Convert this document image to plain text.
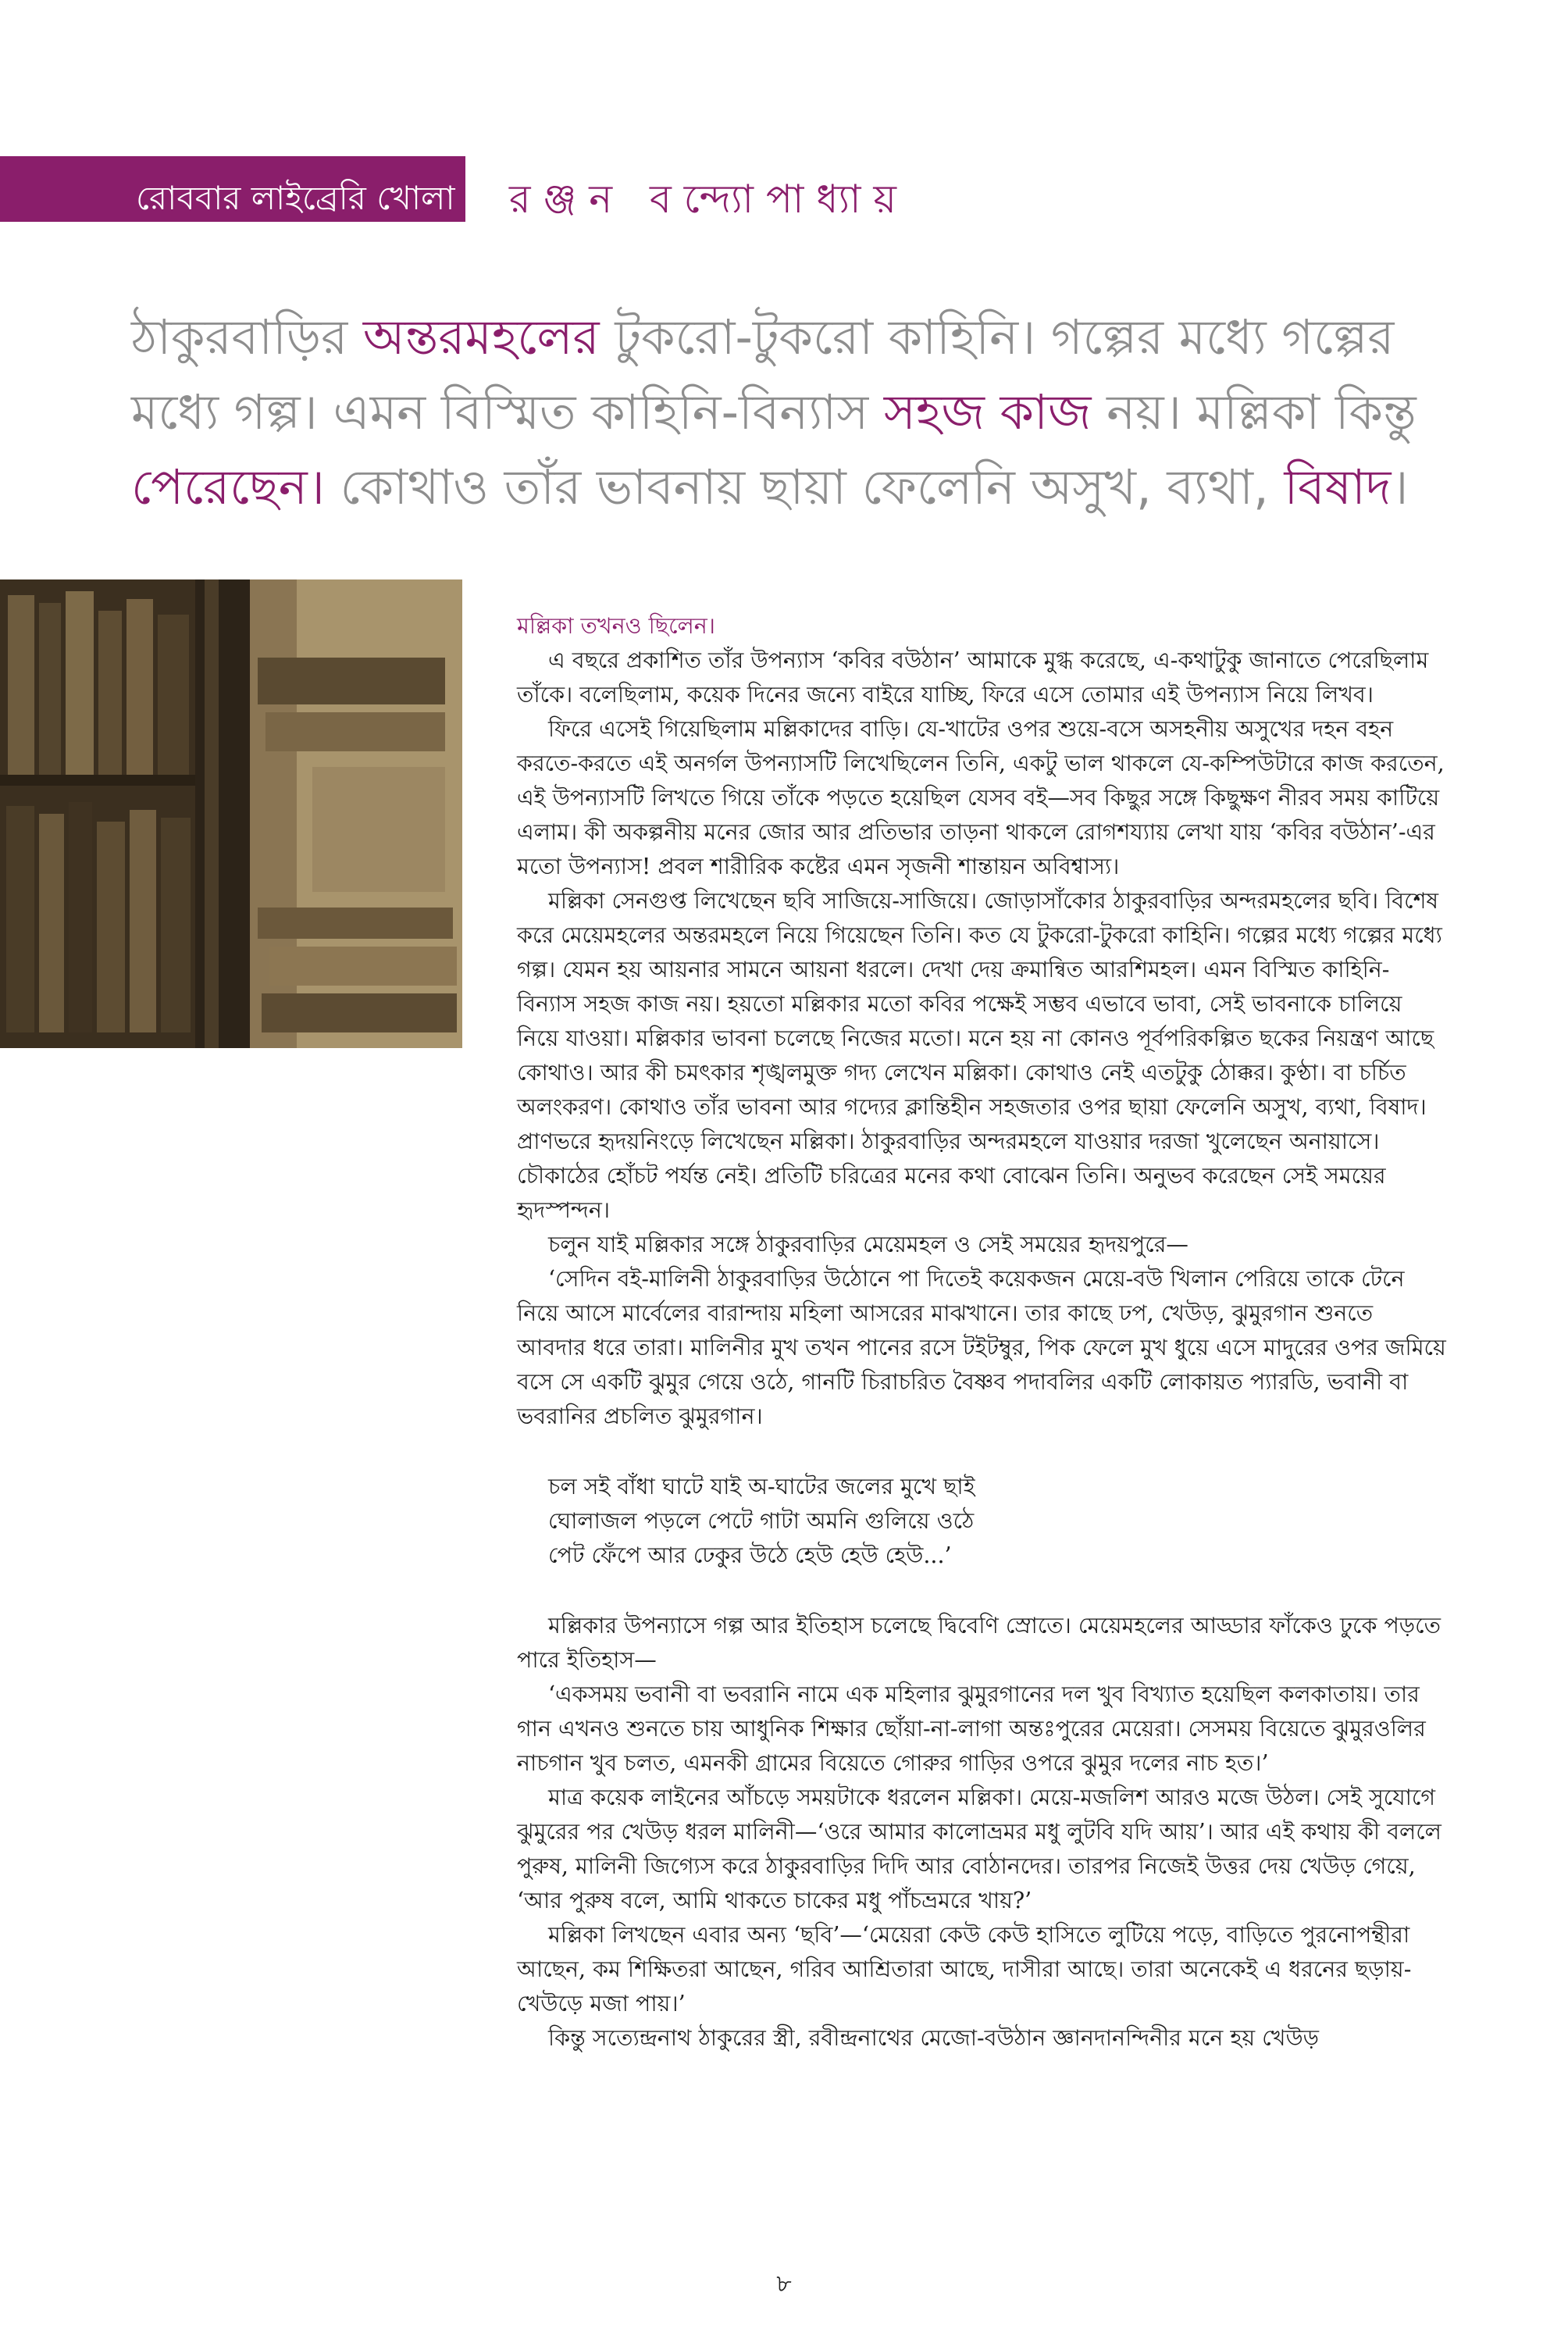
রোববার লাইব্রেরি খোলা রঞ্জন বন্দ্যোপাধ্যায়
ঠাকুরবাড়ির অন্তরমহলের টুকরো-টুকরো কাহিনি। গল্পের মধ্যে গল্পের মধ্যে গল্প। এমন বিস্মিত কাহিনি-বিন্যাস সহজ কাজ নয়। মল্লিকা কিন্তু পেরেছেন। কোথাও তাঁর ভাবনায় ছায়া ফেলেনি অসুখ, ব্যথা, বিষাদ।

মল্লিকা তখনও ছিলেন।

এ বছরে প্রকাশিত তাঁর উপন্যাস ‘কবির বউঠান’ আমাকে মুগ্ধ করেছে, এ-কথাটুকু জানাতে পেরেছিলাম তাঁকে। বলেছিলাম, কয়েক দিনের জন্যে বাইরে যাচ্ছি, ফিরে এসে তোমার এই উপন্যাস নিয়ে লিখব।

ফিরে এসেই গিয়েছিলাম মল্লিকাদের বাড়ি। যে-খাটের ওপর শুয়ে-বসে অসহনীয় অসুখের দহন বহন করতে-করতে এই অনর্গল উপন্যাসটি লিখেছিলেন তিনি, একটু ভাল থাকলে যে-কম্পিউটারে কাজ করতেন, এই উপন্যাসটি লিখতে গিয়ে তাঁকে পড়তে হয়েছিল যেসব বই—সব কিছুর সঙ্গে কিছুক্ষণ নীরব সময় কাটিয়ে এলাম। কী অকল্পনীয় মনের জোর আর প্রতিভার তাড়না থাকলে রোগশয্যায় লেখা যায় ‘কবির বউঠান’-এর মতো উপন্যাস! প্রবল শারীরিক কষ্টের এমন সৃজনী শান্তায়ন অবিশ্বাস্য।

মল্লিকা সেনগুপ্ত লিখেছেন ছবি সাজিয়ে-সাজিয়ে। জোড়াসাঁকোর ঠাকুরবাড়ির অন্দরমহলের ছবি। বিশেষ করে মেয়েমহলের অন্তরমহলে নিয়ে গিয়েছেন তিনি। কত যে টুকরো-টুকরো কাহিনি। গল্পের মধ্যে গল্পের মধ্যে গল্প। যেমন হয় আয়নার সামনে আয়না ধরলে। দেখা দেয় ক্রমান্বিত আরশিমহল। এমন বিস্মিত কাহিনি-বিন্যাস সহজ কাজ নয়। হয়তো মল্লিকার মতো কবির পক্ষেই সম্ভব এভাবে ভাবা, সেই ভাবনাকে চালিয়ে নিয়ে যাওয়া। মল্লিকার ভাবনা চলেছে নিজের মতো। মনে হয় না কোনও পূর্বপরিকল্পিত ছকের নিয়ন্ত্রণ আছে কোথাও। আর কী চমৎকার শৃঙ্খলমুক্ত গদ্য লেখেন মল্লিকা। কোথাও নেই এতটুকু ঠোক্কর। কুণ্ঠা। বা চর্চিত অলংকরণ। কোথাও তাঁর ভাবনা আর গদ্যের ক্লান্তিহীন সহজতার ওপর ছায়া ফেলেনি অসুখ, ব্যথা, বিষাদ। প্রাণভরে হৃদয়নিংড়ে লিখেছেন মল্লিকা। ঠাকুরবাড়ির অন্দরমহলে যাওয়ার দরজা খুলেছেন অনায়াসে। চৌকাঠের হোঁচট পর্যন্ত নেই। প্রতিটি চরিত্রের মনের কথা বোঝেন তিনি। অনুভব করেছেন সেই সময়ের হৃদস্পন্দন।

চলুন যাই মল্লিকার সঙ্গে ঠাকুরবাড়ির মেয়েমহল ও সেই সময়ের হৃদয়পুরে—

‘সেদিন বই-মালিনী ঠাকুরবাড়ির উঠোনে পা দিতেই কয়েকজন মেয়ে-বউ খিলান পেরিয়ে তাকে টেনে নিয়ে আসে মার্বেলের বারান্দায় মহিলা আসরের মাঝখানে। তার কাছে ঢপ, খেউড়, ঝুমুরগান শুনতে আবদার ধরে তারা। মালিনীর মুখ তখন পানের রসে টইটম্বুর, পিক ফেলে মুখ ধুয়ে এসে মাদুরের ওপর জমিয়ে বসে সে একটি ঝুমুর গেয়ে ওঠে, গানটি চিরাচরিত বৈষ্ণব পদাবলির একটি লোকায়ত প্যারডি, ভবানী বা ভবরানির প্রচলিত ঝুমুরগান।

চল সই বাঁধা ঘাটে যাই অ-ঘাটের জলের মুখে ছাই
ঘোলাজল পড়লে পেটে গাটা অমনি গুলিয়ে ওঠে
পেট ফেঁপে আর ঢেকুর উঠে হেউ হেউ হেউ...’

মল্লিকার উপন্যাসে গল্প আর ইতিহাস চলেছে দ্বিবেণি স্রোতে। মেয়েমহলের আড্ডার ফাঁকেও ঢুকে পড়তে পারে ইতিহাস—

‘একসময় ভবানী বা ভবরানি নামে এক মহিলার ঝুমুরগানের দল খুব বিখ্যাত হয়েছিল কলকাতায়। তার গান এখনও শুনতে চায় আধুনিক শিক্ষার ছোঁয়া-না-লাগা অন্তঃপুরের মেয়েরা। সেসময় বিয়েতে ঝুমুরওলির নাচগান খুব চলত, এমনকী গ্রামের বিয়েতে গোরুর গাড়ির ওপরে ঝুমুর দলের নাচ হত।’

মাত্র কয়েক লাইনের আঁচড়ে সময়টাকে ধরলেন মল্লিকা। মেয়ে-মজলিশ আরও মজে উঠল। সেই সুযোগে ঝুমুরের পর খেউড় ধরল মালিনী—‘ওরে আমার কালোভ্রমর মধু লুটবি যদি আয়’। আর এই কথায় কী বললে পুরুষ, মালিনী জিগ্যেস করে ঠাকুরবাড়ির দিদি আর বোঠানদের। তারপর নিজেই উত্তর দেয় খেউড় গেয়ে, ‘আর পুরুষ বলে, আমি থাকতে চাকের মধু পাঁচভ্রমরে খায়?’

মল্লিকা লিখছেন এবার অন্য ‘ছবি’—‘মেয়েরা কেউ কেউ হাসিতে লুটিয়ে পড়ে, বাড়িতে পুরনোপন্থীরা আছেন, কম শিক্ষিতরা আছেন, গরিব আশ্রিতারা আছে, দাসীরা আছে। তারা অনেকেই এ ধরনের ছড়ায়-খেউড়ে মজা পায়।’

কিন্তু সত্যেন্দ্রনাথ ঠাকুরের স্ত্রী, রবীন্দ্রনাথের মেজো-বউঠান জ্ঞানদানন্দিনীর মনে হয় খেউড়

৮
